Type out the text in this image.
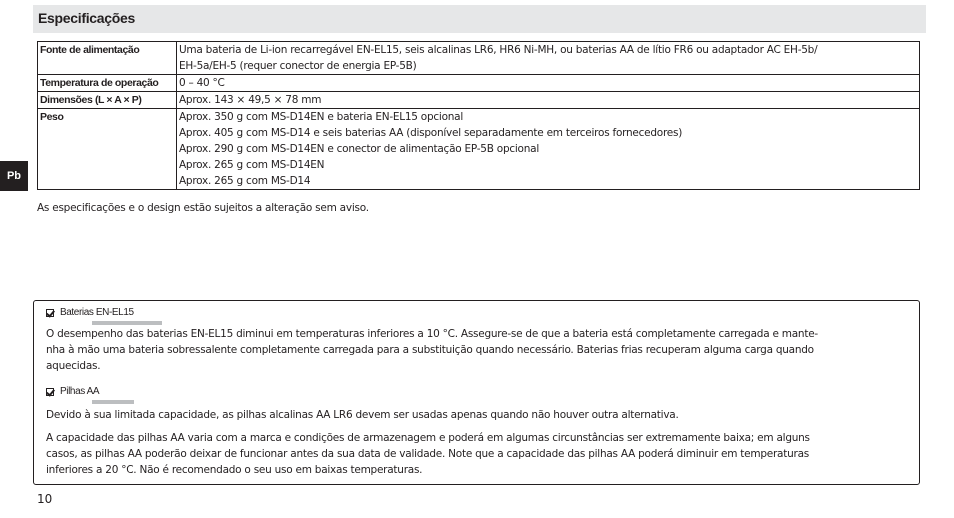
Especificações
Fonte de alimentação	Uma bateria de Li-ion recarregável EN-EL15, seis alcalinas LR6, HR6 Ni-MH, ou baterias AA de lítio FR6 ou adaptador AC EH-5b/
EH-5a/EH-5 (requer conector de energia EP-5B)

Temperatura de operação	0 – 40 °C

Dimensões (L × A × P)	Aprox. 143 × 49,5 × 78 mm

Peso	Aprox. 350 g com MS-D14EN e bateria EN-EL15 opcional
Aprox. 405 g com MS-D14 e seis baterias AA (disponível separadamente em terceiros fornecedores)
Aprox. 290 g com MS-D14EN e conector de alimentação EP-5B opcional
Aprox. 265 g com MS-D14EN
Aprox. 265 g com MS-D14
As especificações e o design estão sujeitos a alteração sem aviso.
Pb
Baterias EN-EL15
O desempenho das baterias EN-EL15 diminui em temperaturas inferiores a 10 °C. Assegure-se de que a bateria está completamente carregada e mante-
nha à mão uma bateria sobressalente completamente carregada para a substituição quando necessário. Baterias frias recuperam alguma carga quando
aquecidas.
Pilhas AA
Devido à sua limitada capacidade, as pilhas alcalinas AA LR6 devem ser usadas apenas quando não houver outra alternativa.
A capacidade das pilhas AA varia com a marca e condições de armazenagem e poderá em algumas circunstâncias ser extremamente baixa; em alguns
casos, as pilhas AA poderão deixar de funcionar antes da sua data de validade. Note que a capacidade das pilhas AA poderá diminuir em temperaturas
inferiores a 20 °C. Não é recomendado o seu uso em baixas temperaturas.
10
